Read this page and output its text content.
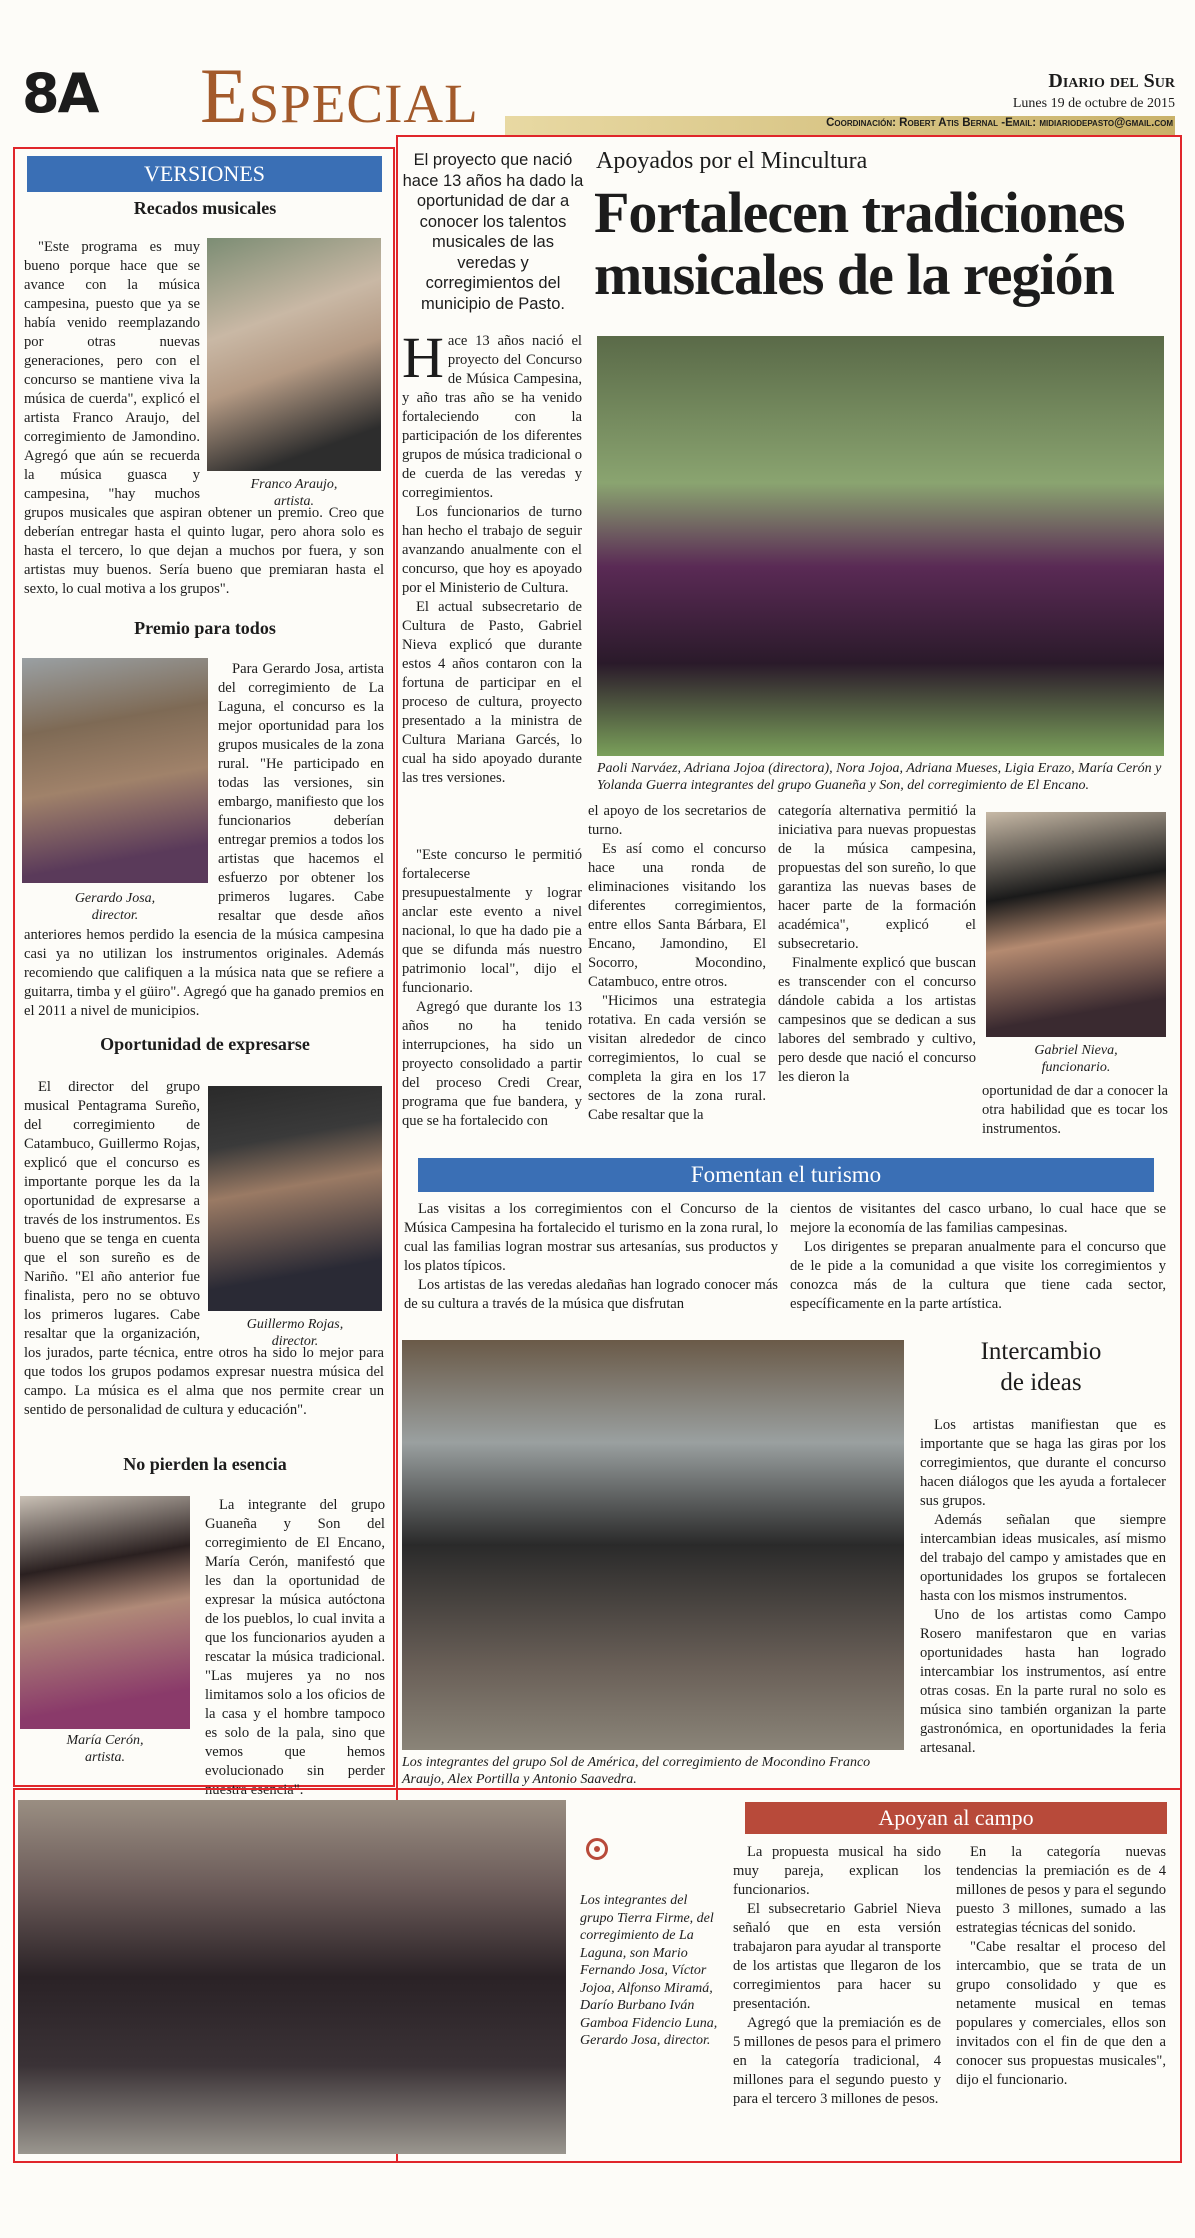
8A Especial	Diario del Sur
Lunes 19 de octubre de 2015
Coordinación: Robert Atis Bernal -Email: midiariodepasto@gmail.com
VERSIONES
Recados musicales
Franco Araujo,
artista.

"Este programa es muy bueno porque hace que se avance con la música campesina, puesto que ya se había venido reemplazando por otras nuevas generaciones, pero con el concurso se mantiene viva la música de cuerda", explicó el artista Franco Araujo, del corregimiento de Jamondino. Agregó que aún se recuerda la música guasca y campesina, "hay muchos grupos musicales que aspiran obtener un premio. Creo que deberían entregar hasta el quinto lugar, pero ahora solo es hasta el tercero, lo que dejan a muchos por fuera, y son artistas muy buenos. Sería bueno que premiaran hasta el sexto, lo cual motiva a los grupos".

Premio para todos
Gerardo Josa,
director.

Para Gerardo Josa, artista del corregimiento de La Laguna, el concurso es la mejor oportunidad para los grupos musicales de la zona rural. "He participado en todas las versiones, sin embargo, manifiesto que los funcionarios deberían entregar premios a todos los artistas que hacemos el esfuerzo por obtener los primeros lugares. Cabe resaltar que desde años anteriores hemos perdido la esencia de la música campesina casi ya no utilizan los instrumentos originales. Además recomiendo que califiquen a la música nata que se refiere a guitarra, timba y el güiro". Agregó que ha ganado premios en el 2011 a nivel de municipios.

Oportunidad de expresarse
Guillermo Rojas,
director.

El director del grupo musical Pentagrama Sureño, del corregimiento de Catambuco, Guillermo Rojas, explicó que el concurso es importante porque les da la oportunidad de expresarse a través de los instrumentos. Es bueno que se tenga en cuenta que el son sureño es de Nariño. "El año anterior fue finalista, pero no se obtuvo los primeros lugares. Cabe resaltar que la organización, los jurados, parte técnica, entre otros ha sido lo mejor para que todos los grupos podamos expresar nuestra música del campo. La música es el alma que nos permite crear un sentido de personalidad de cultura y educación".

No pierden la esencia
María Cerón,
artista.

La integrante del grupo Guaneña y Son del corregimiento de El Encano, María Cerón, manifestó que les dan la oportunidad de expresar la música autóctona de los pueblos, lo cual invita a que los funcionarios ayuden a rescatar la música tradicional. "Las mujeres ya no nos limitamos solo a los oficios de la casa y el hombre tampoco es solo de la pala, sino que vemos que hemos evolucionado sin perder nuestra esencia".

El proyecto que nació hace 13 años ha dado la oportunidad de dar a conocer los talentos musicales de las veredas y corregimientos del municipio de Pasto.
Apoyados por el Mincultura
Fortalecen tradiciones musicales de la región
H ace 13 años nació el proyecto del Concurso de Música Campesina, y año tras año se ha venido fortaleciendo con la participación de los diferentes grupos de música tradicional o de cuerda de las veredas y corregimientos.

Los funcionarios de turno han hecho el trabajo de seguir avanzando anualmente con el concurso, que hoy es apoyado por el Ministerio de Cultura.

El actual subsecretario de Cultura de Pasto, Gabriel Nieva explicó que durante estos 4 años contaron con la fortuna de participar en el proceso de cultura, proyecto presentado a la ministra de Cultura Mariana Garcés, lo cual ha sido apoyado durante las tres versiones.

"Este concurso le permitió fortalecerse presupuestalmente y lograr anclar este evento a nivel nacional, lo que ha dado pie a que se difunda más nuestro patrimonio local", dijo el funcionario.

Agregó que durante los 13 años no ha tenido interrupciones, ha sido un proyecto consolidado a partir del proceso Credi Crear, programa que fue bandera, y que se ha fortalecido con

Paoli Narváez, Adriana Jojoa (directora), Nora Jojoa, Adriana Mueses, Ligia Erazo, María Cerón y Yolanda Guerra integrantes del grupo Guaneña y Son, del corregimiento de El Encano.

el apoyo de los secretarios de turno.

Es así como el concurso hace una ronda de eliminaciones visitando los diferentes corregimientos, entre ellos Santa Bárbara, El Encano, Jamondino, El Socorro, Mocondino, Catambuco, entre otros.

"Hicimos una estrategia rotativa. En cada versión se visitan alrededor de cinco corregimientos, lo cual se completa la gira en los 17 sectores de la zona rural. Cabe resaltar que la

categoría alternativa permitió la iniciativa para nuevas propuestas de la música campesina, propuestas del son sureño, lo que garantiza las nuevas bases de hacer parte de la formación académica", explicó el subsecretario.

Finalmente explicó que buscan es transcender con el concurso dándole cabida a los artistas campesinos que se dedican a sus labores del sembrado y cultivo, pero desde que nació el concurso les dieron la

Gabriel Nieva,
funcionario.

oportunidad de dar a conocer la otra habilidad que es tocar los instrumentos.

Fomentan el turismo

Las visitas a los corregimientos con el Concurso de la Música Campesina ha fortalecido el turismo en la zona rural, lo cual las familias logran mostrar sus artesanías, sus productos y los platos típicos.

Los artistas de las veredas aledañas han logrado conocer más de su cultura a través de la música que disfrutan

cientos de visitantes del casco urbano, lo cual hace que se mejore la economía de las familias campesinas.

Los dirigentes se preparan anualmente para el concurso que de le pide a la comunidad a que visite los corregimientos y conozca más de la cultura que tiene cada sector, específicamente en la parte artística.

Los integrantes del grupo Sol de América, del corregimiento de Mocondino Franco Araujo, Alex Portilla y Antonio Saavedra.
Intercambio
de ideas

Los artistas manifiestan que es importante que se haga las giras por los corregimientos, que durante el concurso hacen diálogos que les ayuda a fortalecer sus grupos.

Además señalan que siempre intercambian ideas musicales, así mismo del trabajo del campo y amistades que en oportunidades los grupos se fortalecen hasta con los mismos instrumentos.

Uno de los artistas como Campo Rosero manifestaron que en varias oportunidades hasta han logrado intercambiar los instrumentos, así entre otras cosas. En la parte rural no solo es música sino también organizan la parte gastronómica, en oportunidades la feria artesanal.

Los integrantes del grupo Tierra Firme, del corregimiento de La Laguna, son Mario Fernando Josa, Víctor Jojoa, Alfonso Miramá, Darío Burbano Iván Gamboa Fidencio Luna, Gerardo Josa, director.
Apoyan al campo

La propuesta musical ha sido muy pareja, explican los funcionarios.

El subsecretario Gabriel Nieva señaló que en esta versión trabajaron para ayudar al transporte de los artistas que llegaron de los corregimientos para hacer su presentación.

Agregó que la premiación es de 5 millones de pesos para el primero en la categoría tradicional, 4 millones para el segundo puesto y para el tercero 3 millones de pesos.

En la categoría nuevas tendencias la premiación es de 4 millones de pesos y para el segundo puesto 3 millones, sumado a las estrategias técnicas del sonido.

"Cabe resaltar el proceso del intercambio, que se trata de un grupo consolidado y que es netamente musical en temas populares y comerciales, ellos son invitados con el fin de que den a conocer sus propuestas musicales", dijo el funcionario.
